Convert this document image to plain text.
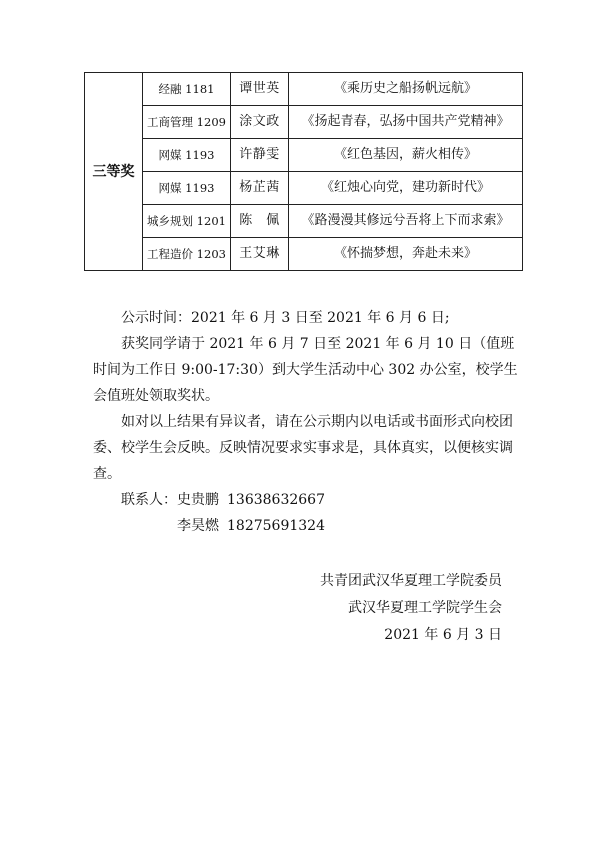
三等奖	经融 1181	谭世英	《乘历史之船扬帆远航》
	工商管理 1209	涂文政	《扬起青春，弘扬中国共产党精神》
	网媒 1193	许静雯	《红色基因，薪火相传》
	网媒 1193	杨芷茜	《红烛心向党，建功新时代》
	城乡规划 1201	陈　佩	《路漫漫其修远兮吾将上下而求索》
	工程造价 1203	王艾琳	《怀揣梦想，奔赴未来》

公示时间：2021 年 6 月 3 日至 2021 年 6 月 6 日;

获奖同学请于 2021 年 6 月 7 日至 2021 年 6 月 10 日（值班时间为工作日 9:00-17:30）到大学生活动中心 302 办公室，校学生会值班处领取奖状。

如对以上结果有异议者，请在公示期内以电话或书面形式向校团委、校学生会反映。反映情况要求实事求是，具体真实，以便核实调查。

联系人： 史贵鹏 13638632667
李昊燃 18275691324
共青团武汉华夏理工学院委员
武汉华夏理工学院学生会
2021 年 6 月 3 日
